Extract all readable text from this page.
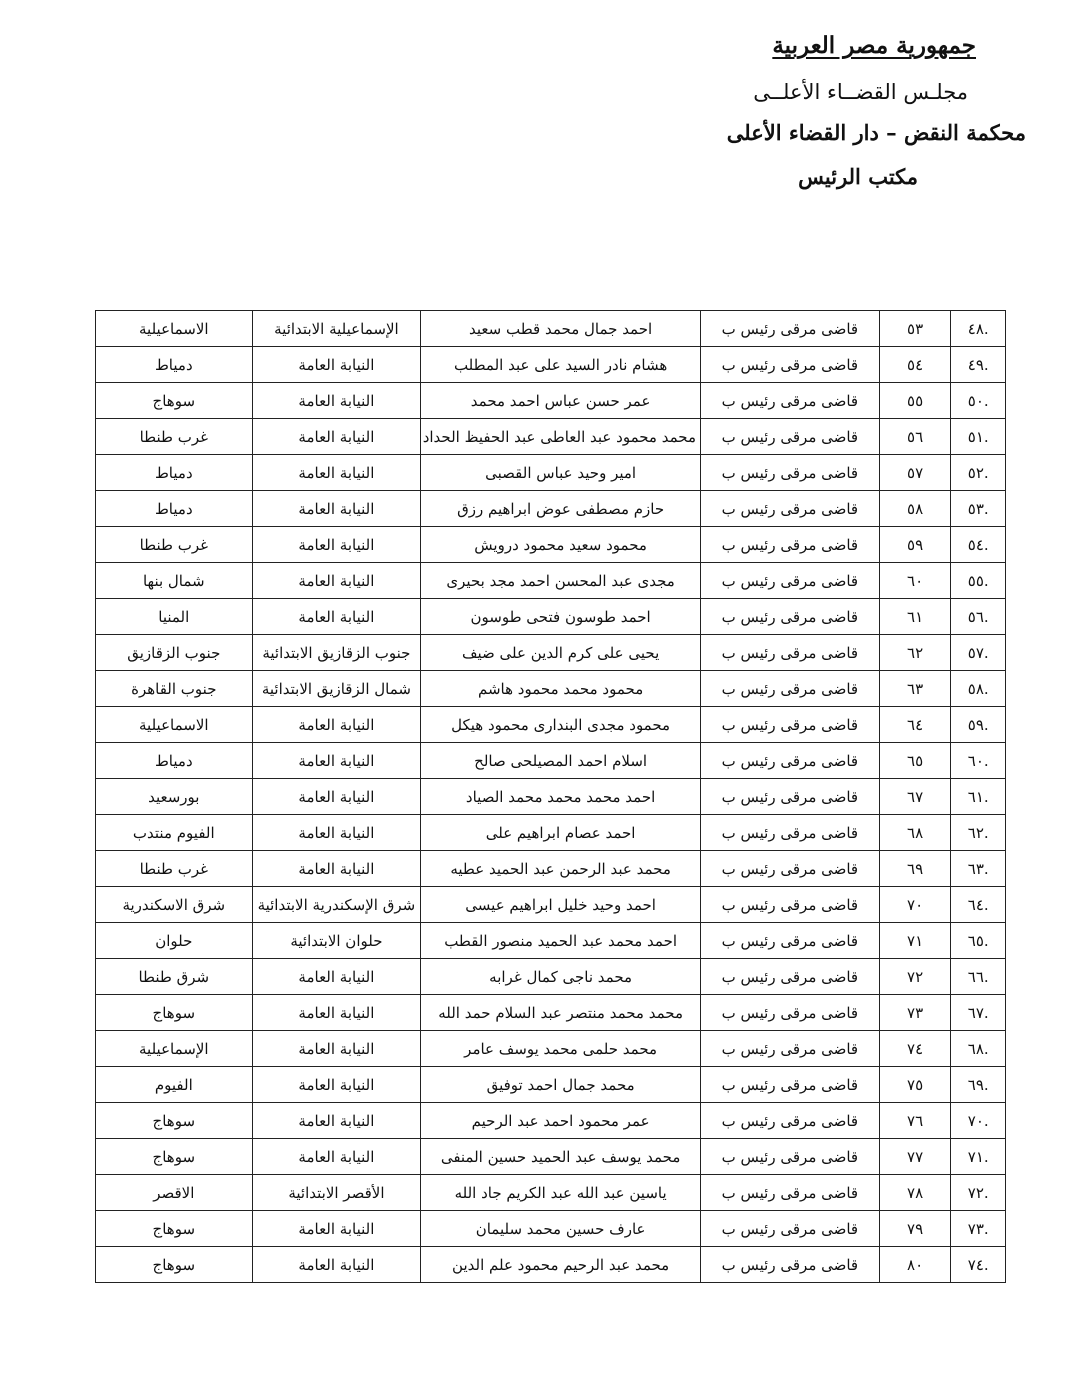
جمهورية مصر العربية
مجلـس القضــاء الأعلــى
محكمة النقض – دار القضاء الأعلى
مكتب الرئيس
.٤٨	٥٣	قاضى مرقى رئيس ب	احمد جمال محمد قطب سعيد	الإسماعيلية الابتدائية	الاسماعيلية
.٤٩	٥٤	قاضى مرقى رئيس ب	هشام نادر السيد على عبد المطلب	النيابة العامة	دمياط
.٥٠	٥٥	قاضى مرقى رئيس ب	عمر حسن عباس احمد محمد	النيابة العامة	سوهاج
.٥١	٥٦	قاضى مرقى رئيس ب	محمد محمود عبد العاطى عبد الحفيظ الحداد	النيابة العامة	غرب طنطا
.٥٢	٥٧	قاضى مرقى رئيس ب	امير وحيد عباس القصبى	النيابة العامة	دمياط
.٥٣	٥٨	قاضى مرقى رئيس ب	حازم مصطفى عوض ابراهيم رزق	النيابة العامة	دمياط
.٥٤	٥٩	قاضى مرقى رئيس ب	محمود سعيد محمود درويش	النيابة العامة	غرب طنطا
.٥٥	٦٠	قاضى مرقى رئيس ب	مجدى عبد المحسن احمد مجد بحيرى	النيابة العامة	شمال بنها
.٥٦	٦١	قاضى مرقى رئيس ب	احمد طوسون فتحى طوسون	النيابة العامة	المنيا
.٥٧	٦٢	قاضى مرقى رئيس ب	يحيى على كرم الدين على ضيف	جنوب الزقازيق الابتدائية	جنوب الزقازيق
.٥٨	٦٣	قاضى مرقى رئيس ب	محمود محمد محمود هاشم	شمال الزقازيق الابتدائية	جنوب القاهرة
.٥٩	٦٤	قاضى مرقى رئيس ب	محمود مجدى البندارى محمود هيكل	النيابة العامة	الاسماعيلية
.٦٠	٦٥	قاضى مرقى رئيس ب	اسلام احمد المصيلحى صالح	النيابة العامة	دمياط
.٦١	٦٧	قاضى مرقى رئيس ب	احمد محمد محمد محمد الصياد	النيابة العامة	بورسعيد
.٦٢	٦٨	قاضى مرقى رئيس ب	احمد عصام ابراهيم على	النيابة العامة	الفيوم منتدب
.٦٣	٦٩	قاضى مرقى رئيس ب	محمد عبد الرحمن عبد الحميد عطيه	النيابة العامة	غرب طنطا
.٦٤	٧٠	قاضى مرقى رئيس ب	احمد وحيد خليل ابراهيم عيسى	شرق الإسكندرية الابتدائية	شرق الاسكندرية
.٦٥	٧١	قاضى مرقى رئيس ب	احمد محمد عبد الحميد منصور القطب	حلوان الابتدائية	حلوان
.٦٦	٧٢	قاضى مرقى رئيس ب	محمد ناجى كمال غرابه	النيابة العامة	شرق طنطا
.٦٧	٧٣	قاضى مرقى رئيس ب	محمد محمد منتصر عبد السلام حمد الله	النيابة العامة	سوهاج
.٦٨	٧٤	قاضى مرقى رئيس ب	محمد حلمى محمد يوسف عامر	النيابة العامة	الإسماعيلية
.٦٩	٧٥	قاضى مرقى رئيس ب	محمد جمال احمد توفيق	النيابة العامة	الفيوم
.٧٠	٧٦	قاضى مرقى رئيس ب	عمر محمود احمد عبد الرحيم	النيابة العامة	سوهاج
.٧١	٧٧	قاضى مرقى رئيس ب	محمد يوسف عبد الحميد حسين المنفى	النيابة العامة	سوهاج
.٧٢	٧٨	قاضى مرقى رئيس ب	ياسين عبد الله عبد الكريم جاد الله	الأقصر الابتدائية	الاقصر
.٧٣	٧٩	قاضى مرقى رئيس ب	عارف حسين محمد سليمان	النيابة العامة	سوهاج
.٧٤	٨٠	قاضى مرقى رئيس ب	محمد عبد الرحيم محمود علم الدين	النيابة العامة	سوهاج
